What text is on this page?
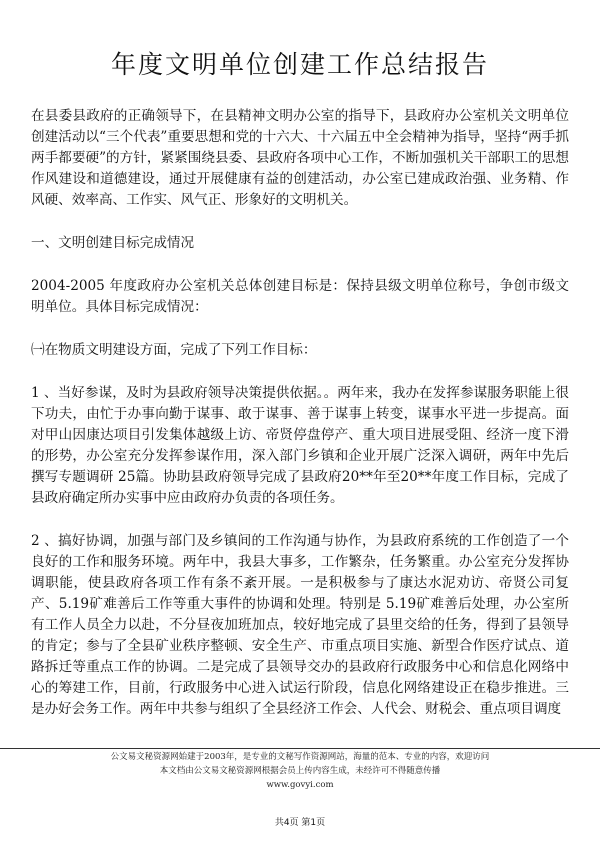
年度文明单位创建工作总结报告

在县委县政府的正确领导下，在县精神文明办公室的指导下，县政府办公室机关文明单位创建活动以“三个代表”重要思想和党的十六大、十六届五中全会精神为指导，坚持“两手抓两手都要硬”的方针，紧紧围绕县委、县政府各项中心工作，不断加强机关干部职工的思想作风建设和道德建设，通过开展健康有益的创建活动，办公室已建成政治强、业务精、作风硬、效率高、工作实、风气正、形象好的文明机关。

一、文明创建目标完成情况

2004-2005 年度政府办公室机关总体创建目标是：保持县级文明单位称号，争创市级文明单位。具体目标完成情况：

㈠在物质文明建设方面，完成了下列工作目标：

1 、当好参谋，及时为县政府领导决策提供依据。。两年来，我办在发挥参谋服务职能上很下功夫，由忙于办事向勤于谋事、敢于谋事、善于谋事上转变，谋事水平进一步提高。面对甲山因康达项目引发集体越级上访、帝贤停盘停产、重大项目进展受阻、经济一度下滑的形势，办公室充分发挥参谋作用，深入部门乡镇和企业开展广泛深入调研，两年中先后撰写专题调研 25篇。协助县政府领导完成了县政府20**年至20**年度工作目标，完成了县政府确定所办实事中应由政府办负责的各项任务。

2 、搞好协调，加强与部门及乡镇间的工作沟通与协作，为县政府系统的工作创造了一个良好的工作和服务环境。两年中，我县大事多，工作繁杂，任务繁重。办公室充分发挥协调职能，使县政府各项工作有条不紊开展。一是积极参与了康达水泥劝访、帝贤公司复产、5.19矿难善后工作等重大事件的协调和处理。特别是 5.19矿难善后处理，办公室所有工作人员全力以赴，不分昼夜加班加点，较好地完成了县里交给的任务，得到了县领导的肯定；参与了全县矿业秩序整顿、安全生产、市重点项目实施、新型合作医疗试点、道路拆迁等重点工作的协调。二是完成了县领导交办的县政府行政服务中心和信息化网络中心的筹建工作，目前，行政服务中心进入试运行阶段，信息化网络建设正在稳步推进。三是办好会务工作。两年中共参与组织了全县经济工作会、人代会、财税会、重点项目调度

公文易文秘资源网始建于2003年，是专业的文秘写作资源网站，海量的范本、专业的内容，欢迎访问
本文档由公文易文秘资源网根据会员上传内容生成，未经许可不得随意传播
www.govyi.com
共4页 第1页
